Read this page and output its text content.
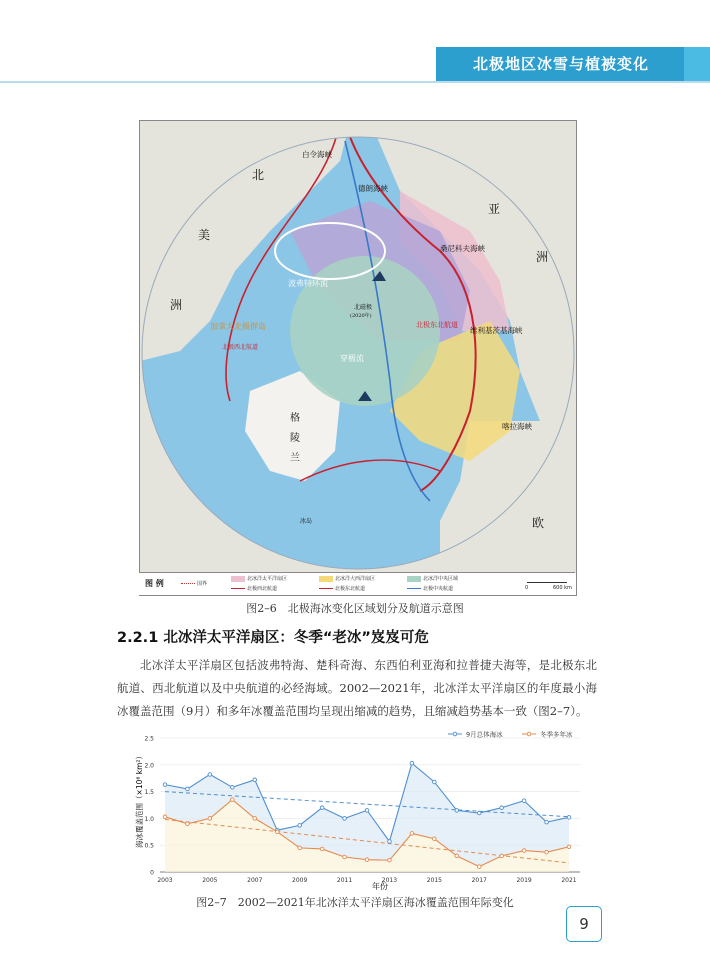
北极地区冰雪与植被变化
白令海峡
德朗海峡
桑尼科夫海峡
维利基茨基海峡
喀拉海峡
波弗特环流
穿极流
北磁极
(2020年)
加拿大北极群岛
北
美
洲
亚
洲
欧
格
陵
兰
冰岛
北极东北航道
北极西北航道
图 例	国界
北冰洋太平洋扇区
北极西北航道
北冰洋大西洋扇区
北极东北航道
北冰洋中央区域
北极中央航道	0	600 km
图2–6　北极海冰变化区域划分及航道示意图
2.2.1 北冰洋太平洋扇区：冬季“老冰”岌岌可危
北冰洋太平洋扇区包括波弗特海、楚科奇海、东西伯利亚海和拉普捷夫海等，是北极东北航道、西北航道以及中央航道的必经海域。2002—2021年，北冰洋太平洋扇区的年度最小海冰覆盖范围（9月）和多年冰覆盖范围均呈现出缩减的趋势，且缩减趋势基本一致（图2–7）。
0
0.5
1.0
1.5
2.0
2.5
2003	2005	2007	2009	2011	2013	2015	2017	2019	2021
年份
海冰覆盖范围（×10⁶ km²）
9月总体海冰	冬季多年冰
图2–7　2002—2021年北冰洋太平洋扇区海冰覆盖范围年际变化
9
